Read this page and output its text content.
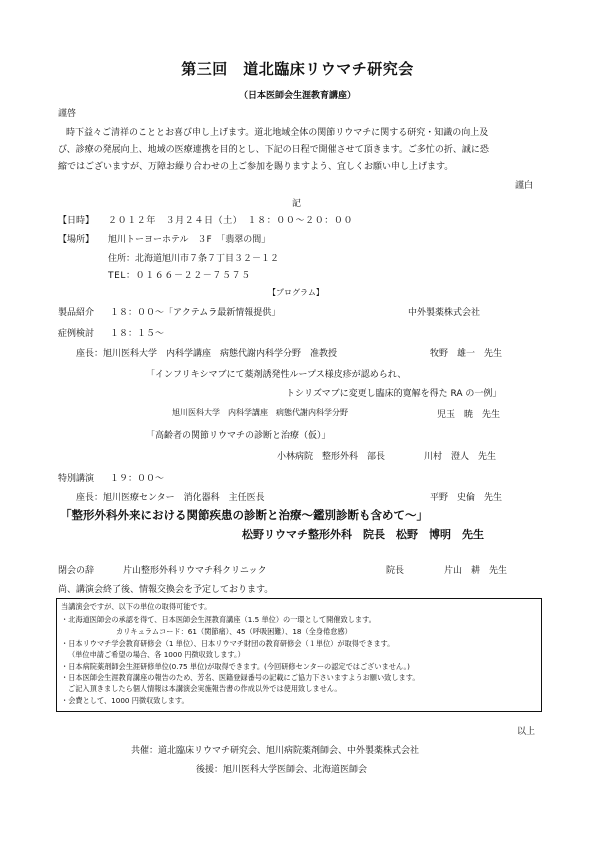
第三回　道北臨床リウマチ研究会
（日本医師会生涯教育講座）
謹啓
時下益々ご清祥のこととお喜び申し上げます。道北地域全体の関節リウマチに関する研究・知識の向上及
び、診療の発展向上、地域の医療連携を目的とし、下記の日程で開催させて頂きます。ご多忙の折、誠に恐
縮ではございますが、万障お繰り合わせの上ご参加を賜りますよう、宜しくお願い申し上げます。
謹白
記
【日時】 ２０１２年　３月２４日（土）　１８：００〜２０：００
【場所】 旭川トーヨーホテル　３F　「翡翠の間」
住所：北海道旭川市７条７丁目３２－１２
TEL：０１６６－２２－７５７５
【プログラム】
製品紹介 １８：００〜「アクテムラ最新情報提供」	中外製薬株式会社
症例検討 １８：１５〜
座長：旭川医科大学　内科学講座　病態代謝内科学分野　准教授	牧野　雄一　先生
「インフリキシマブにて薬剤誘発性ループス様皮疹が認められ、
トシリズマブに変更し臨床的寛解を得た RA の一例」
旭川医科大学　内科学講座　病態代謝内科学分野	児玉　暁　先生
「高齢者の関節リウマチの診断と治療（仮）」
小林病院　整形外科　部長	川村　澄人　先生
特別講演 １９：００〜
座長：旭川医療センター　消化器科　主任医長	平野　史倫　先生
「整形外科外来における関節疾患の診断と治療〜鑑別診断も含めて〜」
松野リウマチ整形外科　院長　松野　博明　先生
閉会の辞	片山整形外科リウマチ科クリニック	院長	片山　耕　先生
尚、講演会終了後、情報交換会を予定しております。
当講演会ですが、以下の単位の取得可能です。
・北海道医師会の承認を得て、日本医師会生涯教育講座（1.5 単位）の一環として開催致します。
カリキュラムコード：61（関節痛）、45（呼吸困難）、18（全身倦怠感）
・日本リウマチ学会教育研修会（1 単位）、日本リウマチ財団の教育研修会（１単位）が取得できます。
（単位申請ご希望の場合、各 1000 円徴収致します。）
・日本病院薬剤師会生涯研修単位(0.75 単位)が取得できます。(今回研修センターの認定ではございません。)
・日本医師会生涯教育講座の報告のため、芳名、医籍登録番号の記載にご協力下さいますようお願い致します。
ご記入頂きましたら個人情報は本講演会実施報告書の作成以外では使用致しません。
・会費として、1000 円徴収致します。
以上
共催：道北臨床リウマチ研究会、旭川病院薬剤師会、中外製薬株式会社
後援：旭川医科大学医師会、北海道医師会
